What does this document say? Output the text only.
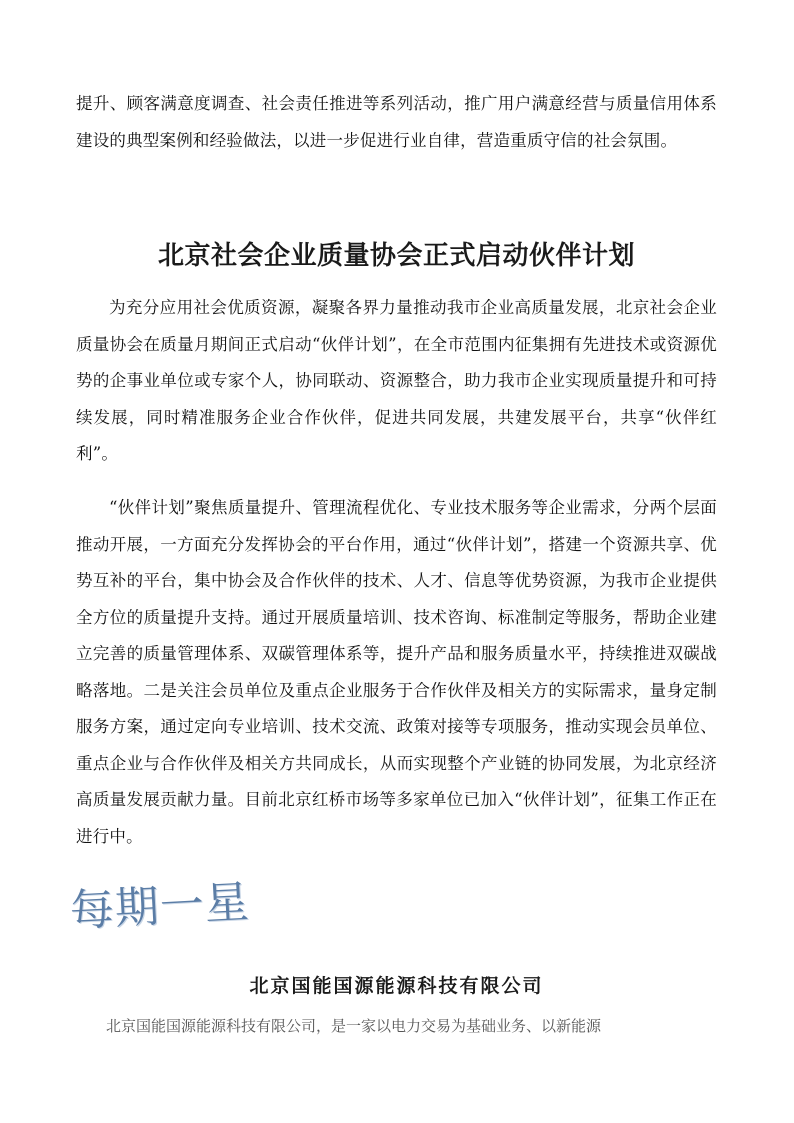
提升、顾客满意度调查、社会责任推进等系列活动，推广用户满意经营与质量信用体系建设的典型案例和经验做法，以进一步促进行业自律，营造重质守信的社会氛围。

北京社会企业质量协会正式启动伙伴计划

为充分应用社会优质资源，凝聚各界力量推动我市企业高质量发展，北京社会企业质量协会在质量月期间正式启动“伙伴计划”，在全市范围内征集拥有先进技术或资源优势的企事业单位或专家个人，协同联动、资源整合，助力我市企业实现质量提升和可持续发展，同时精准服务企业合作伙伴，促进共同发展，共建发展平台，共享“伙伴红利”。

“伙伴计划”聚焦质量提升、管理流程优化、专业技术服务等企业需求，分两个层面推动开展，一方面充分发挥协会的平台作用，通过“伙伴计划”，搭建一个资源共享、优势互补的平台，集中协会及合作伙伴的技术、人才、信息等优势资源，为我市企业提供全方位的质量提升支持。通过开展质量培训、技术咨询、标准制定等服务，帮助企业建立完善的质量管理体系、双碳管理体系等，提升产品和服务质量水平，持续推进双碳战略落地。二是关注会员单位及重点企业服务于合作伙伴及相关方的实际需求，量身定制服务方案，通过定向专业培训、技术交流、政策对接等专项服务，推动实现会员单位、重点企业与合作伙伴及相关方共同成长，从而实现整个产业链的协同发展，为北京经济高质量发展贡献力量。目前北京红桥市场等多家单位已加入“伙伴计划”，征集工作正在进行中。

每期一星
北京国能国源能源科技有限公司

北京国能国源能源科技有限公司，是一家以电力交易为基础业务、以新能源
